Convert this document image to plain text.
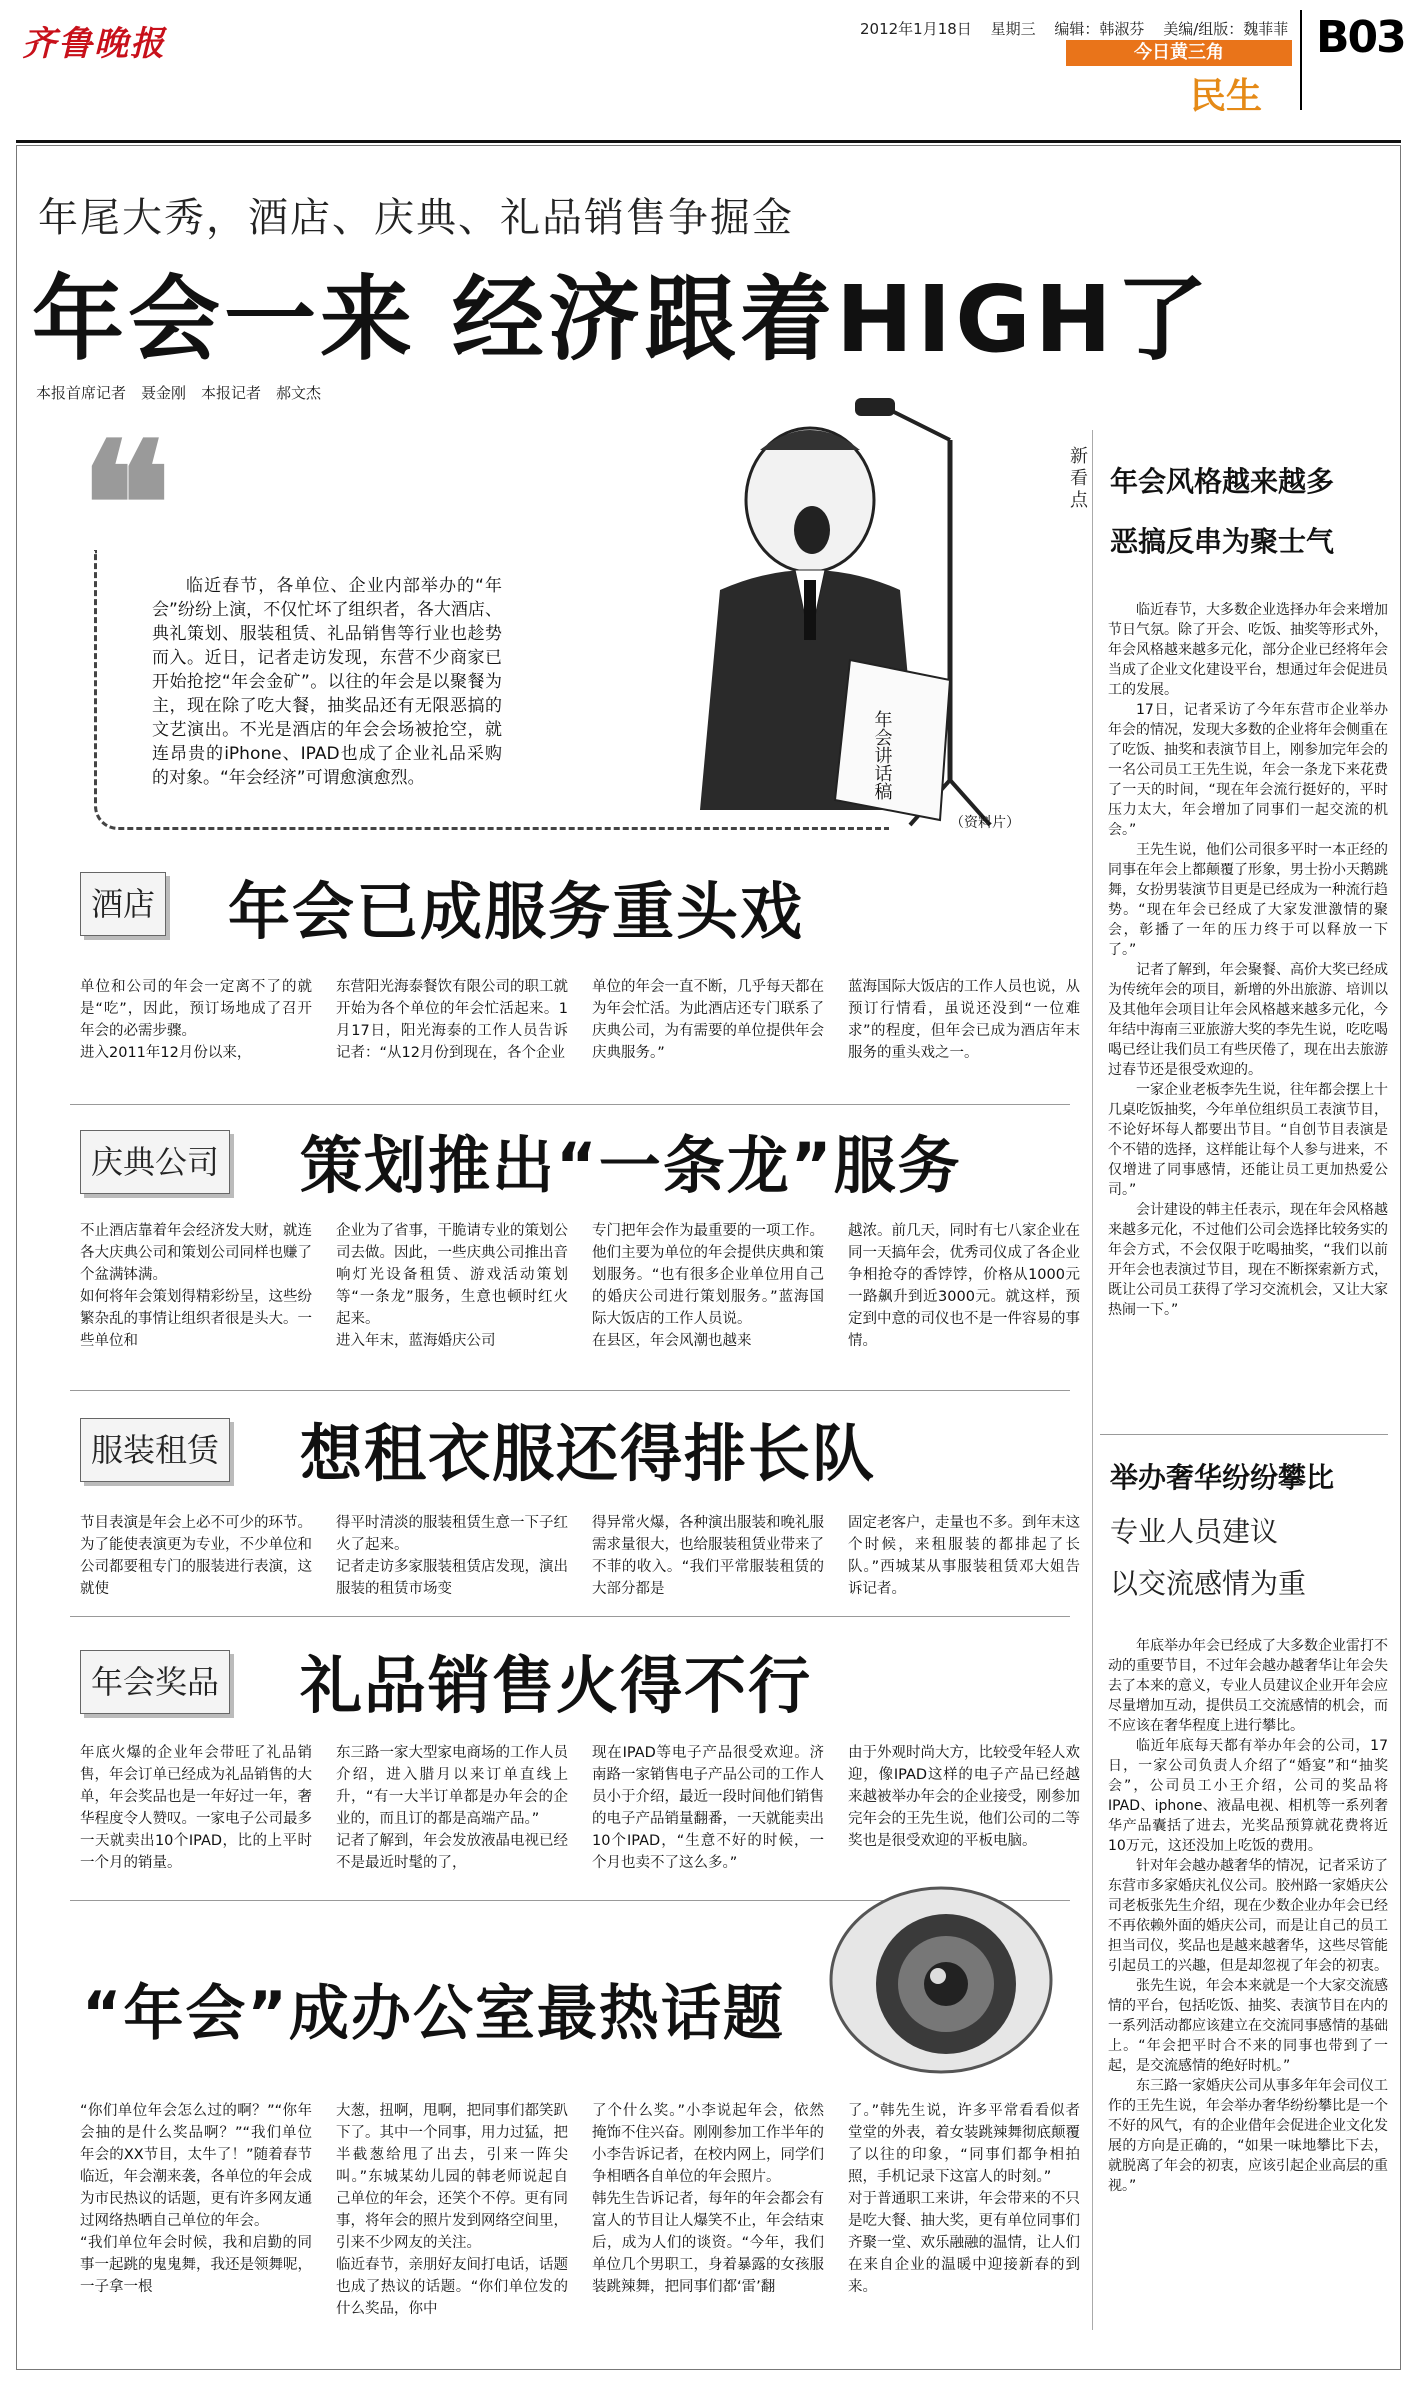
齐鲁晚报	2012年1月18日 星期三 编辑：韩淑芬 美编/组版：魏菲菲
今日黄三角
民生
B03
年尾大秀，酒店、庆典、礼品销售争掘金
年会一来 经济跟着HIGH了
本报首席记者　聂金刚　本报记者　郝文杰
❝ 临近春节，各单位、企业内部举办的“年会”纷纷上演，不仅忙坏了组织者，各大酒店、典礼策划、服装租赁、礼品销售等行业也趁势而入。近日，记者走访发现，东营不少商家已开始抢挖“年会金矿”。以往的年会是以聚餐为主，现在除了吃大餐，抽奖品还有无限恶搞的文艺演出。不光是酒店的年会会场被抢空，就连昂贵的iPhone、IPAD也成了企业礼品采购的对象。“年会经济”可谓愈演愈烈。	年会讲话稿
（资料片）
酒店 年会已成服务重头戏
单位和公司的年会一定离不了的就是“吃”，因此，预订场地成了召开年会的必需步骤。
进入2011年12月份以来，
东营阳光海泰餐饮有限公司的职工就开始为各个单位的年会忙活起来。1月17日，阳光海泰的工作人员告诉记者：“从12月份到现在，各个企业
单位的年会一直不断，几乎每天都在为年会忙活。为此酒店还专门联系了庆典公司，为有需要的单位提供年会庆典服务。”
蓝海国际大饭店的工作人员也说，从预订行情看，虽说还没到“一位难求”的程度，但年会已成为酒店年末服务的重头戏之一。
庆典公司 策划推出“一条龙”服务
不止酒店靠着年会经济发大财，就连各大庆典公司和策划公司同样也赚了个盆满钵满。
如何将年会策划得精彩纷呈，这些纷繁杂乱的事情让组织者很是头大。一些单位和
企业为了省事，干脆请专业的策划公司去做。因此，一些庆典公司推出音响灯光设备租赁、游戏活动策划等“一条龙”服务，生意也顿时红火起来。
进入年末，蓝海婚庆公司
专门把年会作为最重要的一项工作。他们主要为单位的年会提供庆典和策划服务。“也有很多企业单位用自己的婚庆公司进行策划服务。”蓝海国际大饭店的工作人员说。
在县区，年会风潮也越来
越浓。前几天，同时有七八家企业在同一天搞年会，优秀司仪成了各企业争相抢夺的香饽饽，价格从1000元一路飙升到近3000元。就这样，预定到中意的司仪也不是一件容易的事情。
服装租赁 想租衣服还得排长队
节目表演是年会上必不可少的环节。为了能使表演更为专业，不少单位和公司都要租专门的服装进行表演，这就使
得平时清淡的服装租赁生意一下子红火了起来。
记者走访多家服装租赁店发现，演出服装的租赁市场变
得异常火爆，各种演出服装和晚礼服需求量很大，也给服装租赁业带来了不菲的收入。“我们平常服装租赁的大部分都是
固定老客户，走量也不多。到年末这个时候，来租服装的都排起了长队。”西城某从事服装租赁邓大姐告诉记者。
年会奖品 礼品销售火得不行
年底火爆的企业年会带旺了礼品销售，年会订单已经成为礼品销售的大单，年会奖品也是一年好过一年，奢华程度令人赞叹。一家电子公司最多一天就卖出10个IPAD，比的上平时一个月的销量。
东三路一家大型家电商场的工作人员介绍，进入腊月以来订单直线上升，“有一大半订单都是办年会的企业的，而且订的都是高端产品。”
记者了解到，年会发放液晶电视已经不是最近时髦的了，
现在IPAD等电子产品很受欢迎。济南路一家销售电子产品公司的工作人员小于介绍，最近一段时间他们销售的电子产品销量翻番，一天就能卖出10个IPAD，“生意不好的时候，一个月也卖不了这么多。”
由于外观时尚大方，比较受年轻人欢迎，像IPAD这样的电子产品已经越来越被举办年会的企业接受，刚参加完年会的王先生说，他们公司的二等奖也是很受欢迎的平板电脑。
“年会”成办公室最热话题
“你们单位年会怎么过的啊？”“你年会抽的是什么奖品啊？”“我们单位年会的XX节目，太牛了！”随着春节临近，年会潮来袭，各单位的年会成为市民热议的话题，更有许多网友通过网络热晒自己单位的年会。
“我们单位年会时候，我和启勤的同事一起跳的鬼鬼舞，我还是领舞呢，一子拿一根
大葱，扭啊，甩啊，把同事们都笑趴下了。其中一个同事，用力过猛，把半截葱给甩了出去，引来一阵尖叫。”东城某幼儿园的韩老师说起自己单位的年会，还笑个不停。更有同事，将年会的照片发到网络空间里，引来不少网友的关注。
临近春节，亲朋好友间打电话，话题也成了热议的话题。“你们单位发的什么奖品，你中
了个什么奖。”小李说起年会，依然掩饰不住兴奋。刚刚参加工作半年的小李告诉记者，在校内网上，同学们争相晒各自单位的年会照片。
韩先生告诉记者，每年的年会都会有富人的节目让人爆笑不止，年会结束后，成为人们的谈资。“今年，我们单位几个男职工，身着暴露的女孩服装跳辣舞，把同事们都‘雷’翻
了。”韩先生说，许多平常看看似者堂堂的外表，着女装跳辣舞彻底颠覆了以往的印象，“同事们都争相拍照，手机记录下这富人的时刻。”
对于普通职工来讲，年会带来的不只是吃大餐、抽大奖，更有单位同事们齐聚一堂、欢乐融融的温情，让人们在来自企业的温暖中迎接新春的到来。
新看点
年会风格越来越多
恶搞反串为聚士气

临近春节，大多数企业选择办年会来增加节日气氛。除了开会、吃饭、抽奖等形式外，年会风格越来越多元化，部分企业已经将年会当成了企业文化建设平台，想通过年会促进员工的发展。

17日，记者采访了今年东营市企业举办年会的情况，发现大多数的企业将年会侧重在了吃饭、抽奖和表演节目上，刚参加完年会的一名公司员工王先生说，年会一条龙下来花费了一天的时间，“现在年会流行挺好的，平时压力太大，年会增加了同事们一起交流的机会。”

王先生说，他们公司很多平时一本正经的同事在年会上都颠覆了形象，男士扮小天鹅跳舞，女扮男装演节目更是已经成为一种流行趋势。“现在年会已经成了大家发泄激情的聚会，彰播了一年的压力终于可以释放一下了。”

记者了解到，年会聚餐、高价大奖已经成为传统年会的项目，新增的外出旅游、培训以及其他年会项目让年会风格越来越多元化，今年结中海南三亚旅游大奖的李先生说，吃吃喝喝已经让我们员工有些厌倦了，现在出去旅游过春节还是很受欢迎的。

一家企业老板李先生说，往年都会摆上十几桌吃饭抽奖，今年单位组织员工表演节目，不论好坏每人都要出节目。“自创节目表演是个不错的选择，这样能让每个人参与进来，不仅增进了同事感情，还能让员工更加热爱公司。”

会计建设的韩主任表示，现在年会风格越来越多元化，不过他们公司会选择比较务实的年会方式，不会仅限于吃喝抽奖，“我们以前开年会也表演过节目，现在不断探索新方式，既让公司员工获得了学习交流机会，又让大家热闹一下。”

举办奢华纷纷攀比
专业人员建议
以交流感情为重

年底举办年会已经成了大多数企业雷打不动的重要节目，不过年会越办越奢华让年会失去了本来的意义，专业人员建议企业开年会应尽量增加互动，提供员工交流感情的机会，而不应该在奢华程度上进行攀比。

临近年底每天都有举办年会的公司，17日，一家公司负责人介绍了“婚宴”和“抽奖会”，公司员工小王介绍，公司的奖品将IPAD、iphone、液晶电视、相机等一系列奢华产品囊括了进去，光奖品预算就花费将近10万元，这还没加上吃饭的费用。

针对年会越办越奢华的情况，记者采访了东营市多家婚庆礼仪公司。胶州路一家婚庆公司老板张先生介绍，现在少数企业办年会已经不再依赖外面的婚庆公司，而是让自己的员工担当司仪，奖品也是越来越奢华，这些尽管能引起员工的兴趣，但是却忽视了年会的初衷。

张先生说，年会本来就是一个大家交流感情的平台，包括吃饭、抽奖、表演节目在内的一系列活动都应该建立在交流同事感情的基础上。“年会把平时合不来的同事也带到了一起，是交流感情的绝好时机。”

东三路一家婚庆公司从事多年年会司仪工作的王先生说，年会举办奢华纷纷攀比是一个不好的风气，有的企业借年会促进企业文化发展的方向是正确的，“如果一味地攀比下去，就脱离了年会的初衷，应该引起企业高层的重视。”
